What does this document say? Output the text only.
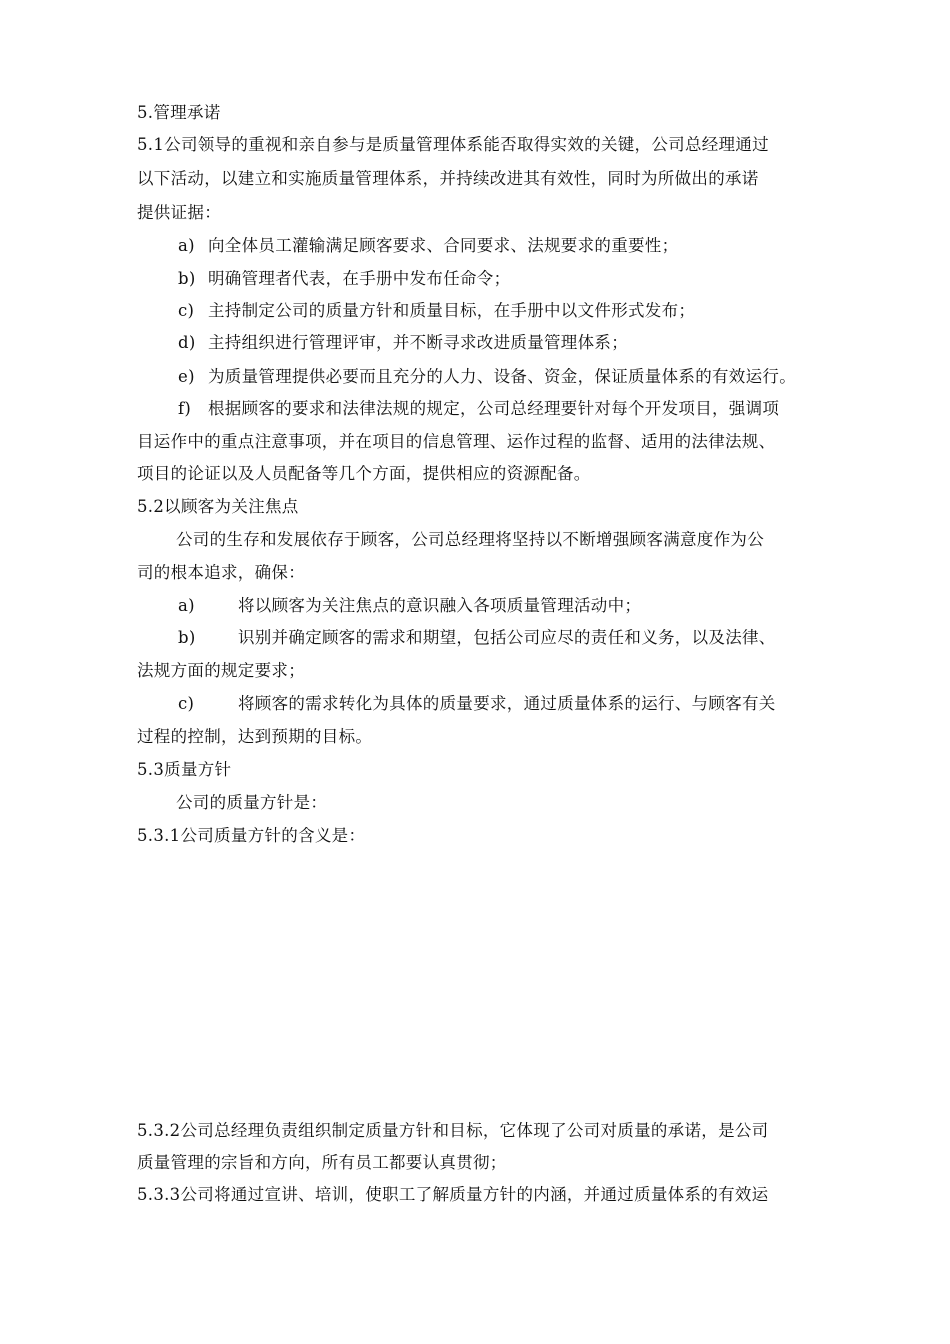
5.管理承诺
5.1公司领导的重视和亲自参与是质量管理体系能否取得实效的关键，公司总经理通过
以下活动，以建立和实施质量管理体系，并持续改进其有效性，同时为所做出的承诺
提供证据：
a) 向全体员工灌输满足顾客要求、合同要求、法规要求的重要性；
b) 明确管理者代表，在手册中发布任命令；
c) 主持制定公司的质量方针和质量目标，在手册中以文件形式发布；
d) 主持组织进行管理评审，并不断寻求改进质量管理体系；
e) 为质量管理提供必要而且充分的人力、设备、资金，保证质量体系的有效运行。
f) 根据顾客的要求和法律法规的规定，公司总经理要针对每个开发项目，强调项
目运作中的重点注意事项，并在项目的信息管理、运作过程的监督、适用的法律法规、
项目的论证以及人员配备等几个方面，提供相应的资源配备。
5.2以顾客为关注焦点
公司的生存和发展依存于顾客，公司总经理将坚持以不断增强顾客满意度作为公
司的根本追求，确保：
a)	将以顾客为关注焦点的意识融入各项质量管理活动中；
b)	识别并确定顾客的需求和期望，包括公司应尽的责任和义务，以及法律、
法规方面的规定要求；
c)	将顾客的需求转化为具体的质量要求，通过质量体系的运行、与顾客有关
过程的控制，达到预期的目标。
5.3质量方针
公司的质量方针是：
5.3.1公司质量方针的含义是：
5.3.2公司总经理负责组织制定质量方针和目标，它体现了公司对质量的承诺，是公司
质量管理的宗旨和方向，所有员工都要认真贯彻；
5.3.3公司将通过宣讲、培训，使职工了解质量方针的内涵，并通过质量体系的有效运
